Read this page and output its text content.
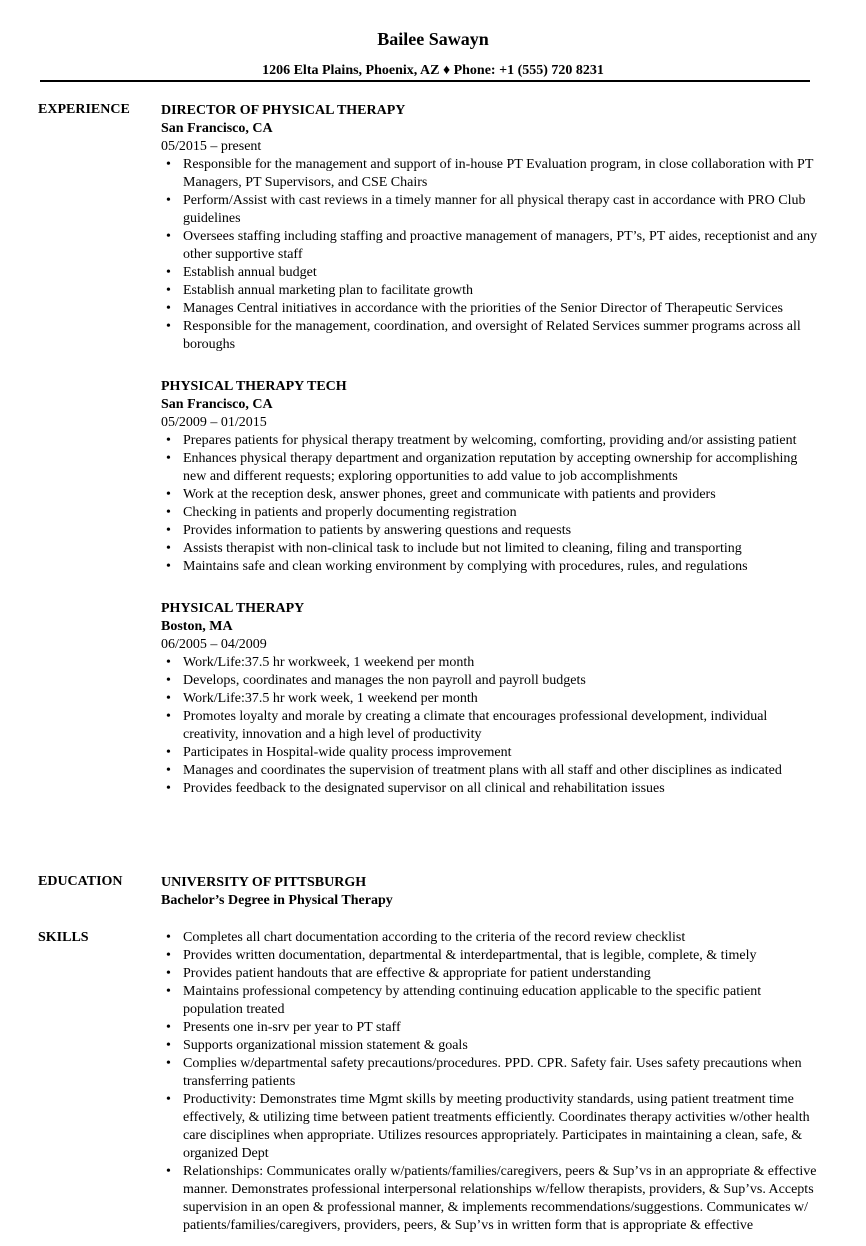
Bailee Sawayn
1206 Elta Plains, Phoenix, AZ ♦ Phone: +1 (555) 720 8231
EXPERIENCE DIRECTOR OF PHYSICAL THERAPY
San Francisco, CA
05/2015 – present
• Responsible for the management and support of in-house PT Evaluation program, in close collaboration with PT Managers, PT Supervisors, and CSE Chairs
• Perform/Assist with cast reviews in a timely manner for all physical therapy cast in accordance with PRO Club guidelines
• Oversees staffing including staffing and proactive management of managers, PT’s, PT aides, receptionist and any other supportive staff
• Establish annual budget
• Establish annual marketing plan to facilitate growth
• Manages Central initiatives in accordance with the priorities of the Senior Director of Therapeutic Services
• Responsible for the management, coordination, and oversight of Related Services summer programs across all boroughs
PHYSICAL THERAPY TECH
San Francisco, CA
05/2009 – 01/2015
• Prepares patients for physical therapy treatment by welcoming, comforting, providing and/or assisting patient
• Enhances physical therapy department and organization reputation by accepting ownership for accomplishing new and different requests; exploring opportunities to add value to job accomplishments
• Work at the reception desk, answer phones, greet and communicate with patients and providers
• Checking in patients and properly documenting registration
• Provides information to patients by answering questions and requests
• Assists therapist with non-clinical task to include but not limited to cleaning, filing and transporting
• Maintains safe and clean working environment by complying with procedures, rules, and regulations
PHYSICAL THERAPY
Boston, MA
06/2005 – 04/2009
• Work/Life:37.5 hr workweek, 1 weekend per month
• Develops, coordinates and manages the non payroll and payroll budgets
• Work/Life:37.5 hr work week, 1 weekend per month
• Promotes loyalty and morale by creating a climate that encourages professional development, individual creativity, innovation and a high level of productivity
• Participates in Hospital-wide quality process improvement
• Manages and coordinates the supervision of treatment plans with all staff and other disciplines as indicated
• Provides feedback to the designated supervisor on all clinical and rehabilitation issues
EDUCATION	UNIVERSITY OF PITTSBURGH
Bachelor’s Degree in Physical Therapy
SKILLS
•	Completes all chart documentation according to the criteria of the record review checklist
• Provides written documentation, departmental & interdepartmental, that is legible, complete, & timely
• Provides patient handouts that are effective & appropriate for patient understanding
• Maintains professional competency by attending continuing education applicable to the specific patient population treated
• Presents one in-srv per year to PT staff
• Supports organizational mission statement & goals
• Complies w/departmental safety precautions/procedures. PPD. CPR. Safety fair. Uses safety precautions when transferring patients
• Productivity: Demonstrates time Mgmt skills by meeting productivity standards, using patient treatment time effectively, & utilizing time between patient treatments efficiently. Coordinates therapy activities w/other health care disciplines when appropriate. Utilizes resources appropriately. Participates in maintaining a clean, safe, & organized Dept
• Relationships: Communicates orally w/patients/families/caregivers, peers & Sup’vs in an appropriate & effective manner. Demonstrates professional interpersonal relationships w/fellow therapists, providers, & Sup’vs. Accepts supervision in an open & professional manner, & implements recommendations/suggestions. Communicates w/ patients/families/caregivers, providers, peers, & Sup’vs in written form that is appropriate & effective
